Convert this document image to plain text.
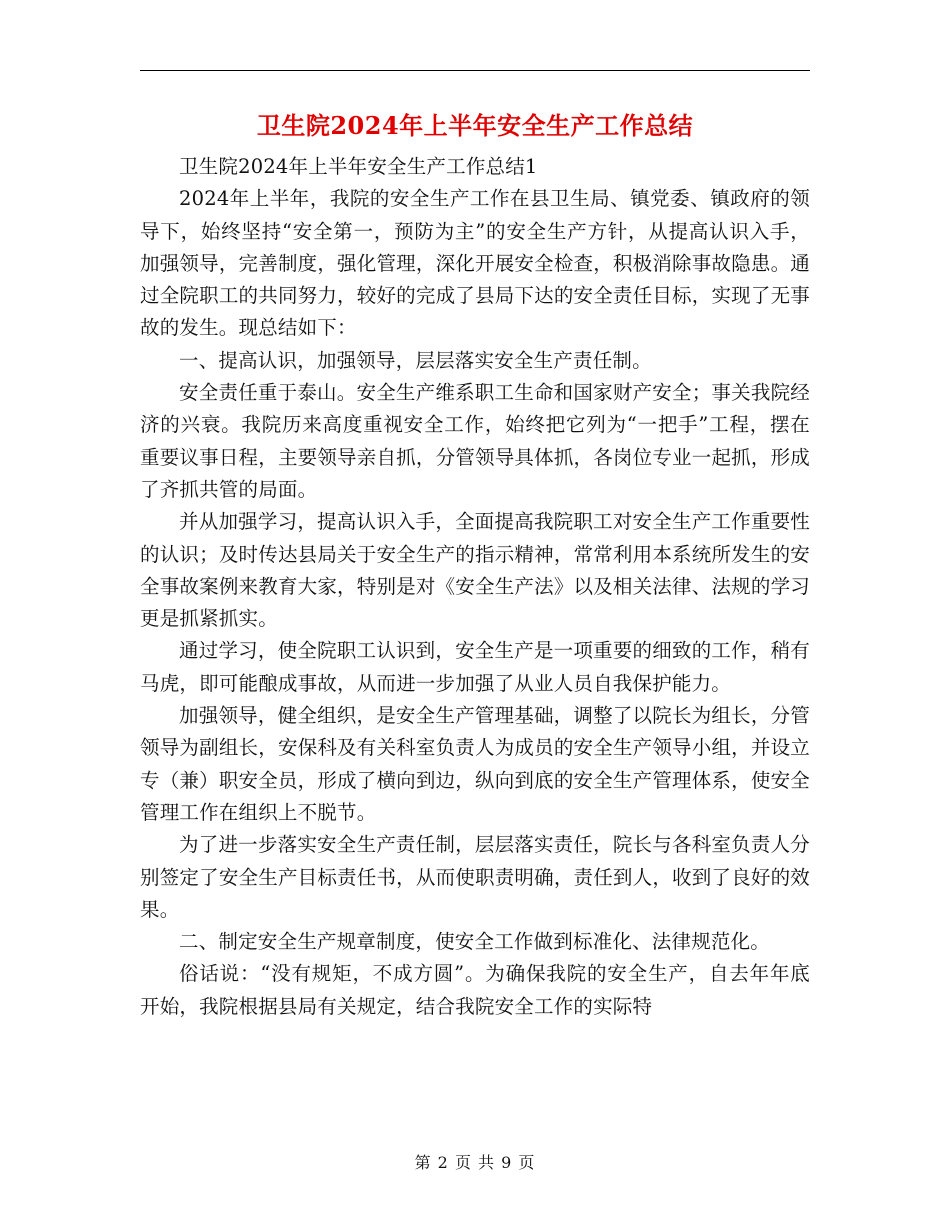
卫生院2024年上半年安全生产工作总结

卫生院2024年上半年安全生产工作总结1

2024年上半年，我院的安全生产工作在县卫生局、镇党委、镇政府的领导下，始终坚持“安全第一，预防为主”的安全生产方针，从提高认识入手，加强领导，完善制度，强化管理，深化开展安全检查，积极消除事故隐患。通过全院职工的共同努力，较好的完成了县局下达的安全责任目标，实现了无事故的发生。现总结如下：

一、提高认识，加强领导，层层落实安全生产责任制。

安全责任重于泰山。安全生产维系职工生命和国家财产安全；事关我院经济的兴衰。我院历来高度重视安全工作，始终把它列为“一把手”工程，摆在重要议事日程，主要领导亲自抓，分管领导具体抓，各岗位专业一起抓，形成了齐抓共管的局面。

并从加强学习，提高认识入手，全面提高我院职工对安全生产工作重要性的认识；及时传达县局关于安全生产的指示精神，常常利用本系统所发生的安全事故案例来教育大家，特别是对《安全生产法》以及相关法律、法规的学习更是抓紧抓实。

通过学习，使全院职工认识到，安全生产是一项重要的细致的工作，稍有马虎，即可能酿成事故，从而进一步加强了从业人员自我保护能力。

加强领导，健全组织，是安全生产管理基础，调整了以院长为组长，分管领导为副组长，安保科及有关科室负责人为成员的安全生产领导小组，并设立专（兼）职安全员，形成了横向到边，纵向到底的安全生产管理体系，使安全管理工作在组织上不脱节。

为了进一步落实安全生产责任制，层层落实责任，院长与各科室负责人分别签定了安全生产目标责任书，从而使职责明确，责任到人，收到了良好的效果。

二、制定安全生产规章制度，使安全工作做到标准化、法律规范化。

俗话说：“没有规矩，不成方圆”。为确保我院的安全生产，自去年年底开始，我院根据县局有关规定，结合我院安全工作的实际特

第 2 页 共 9 页
